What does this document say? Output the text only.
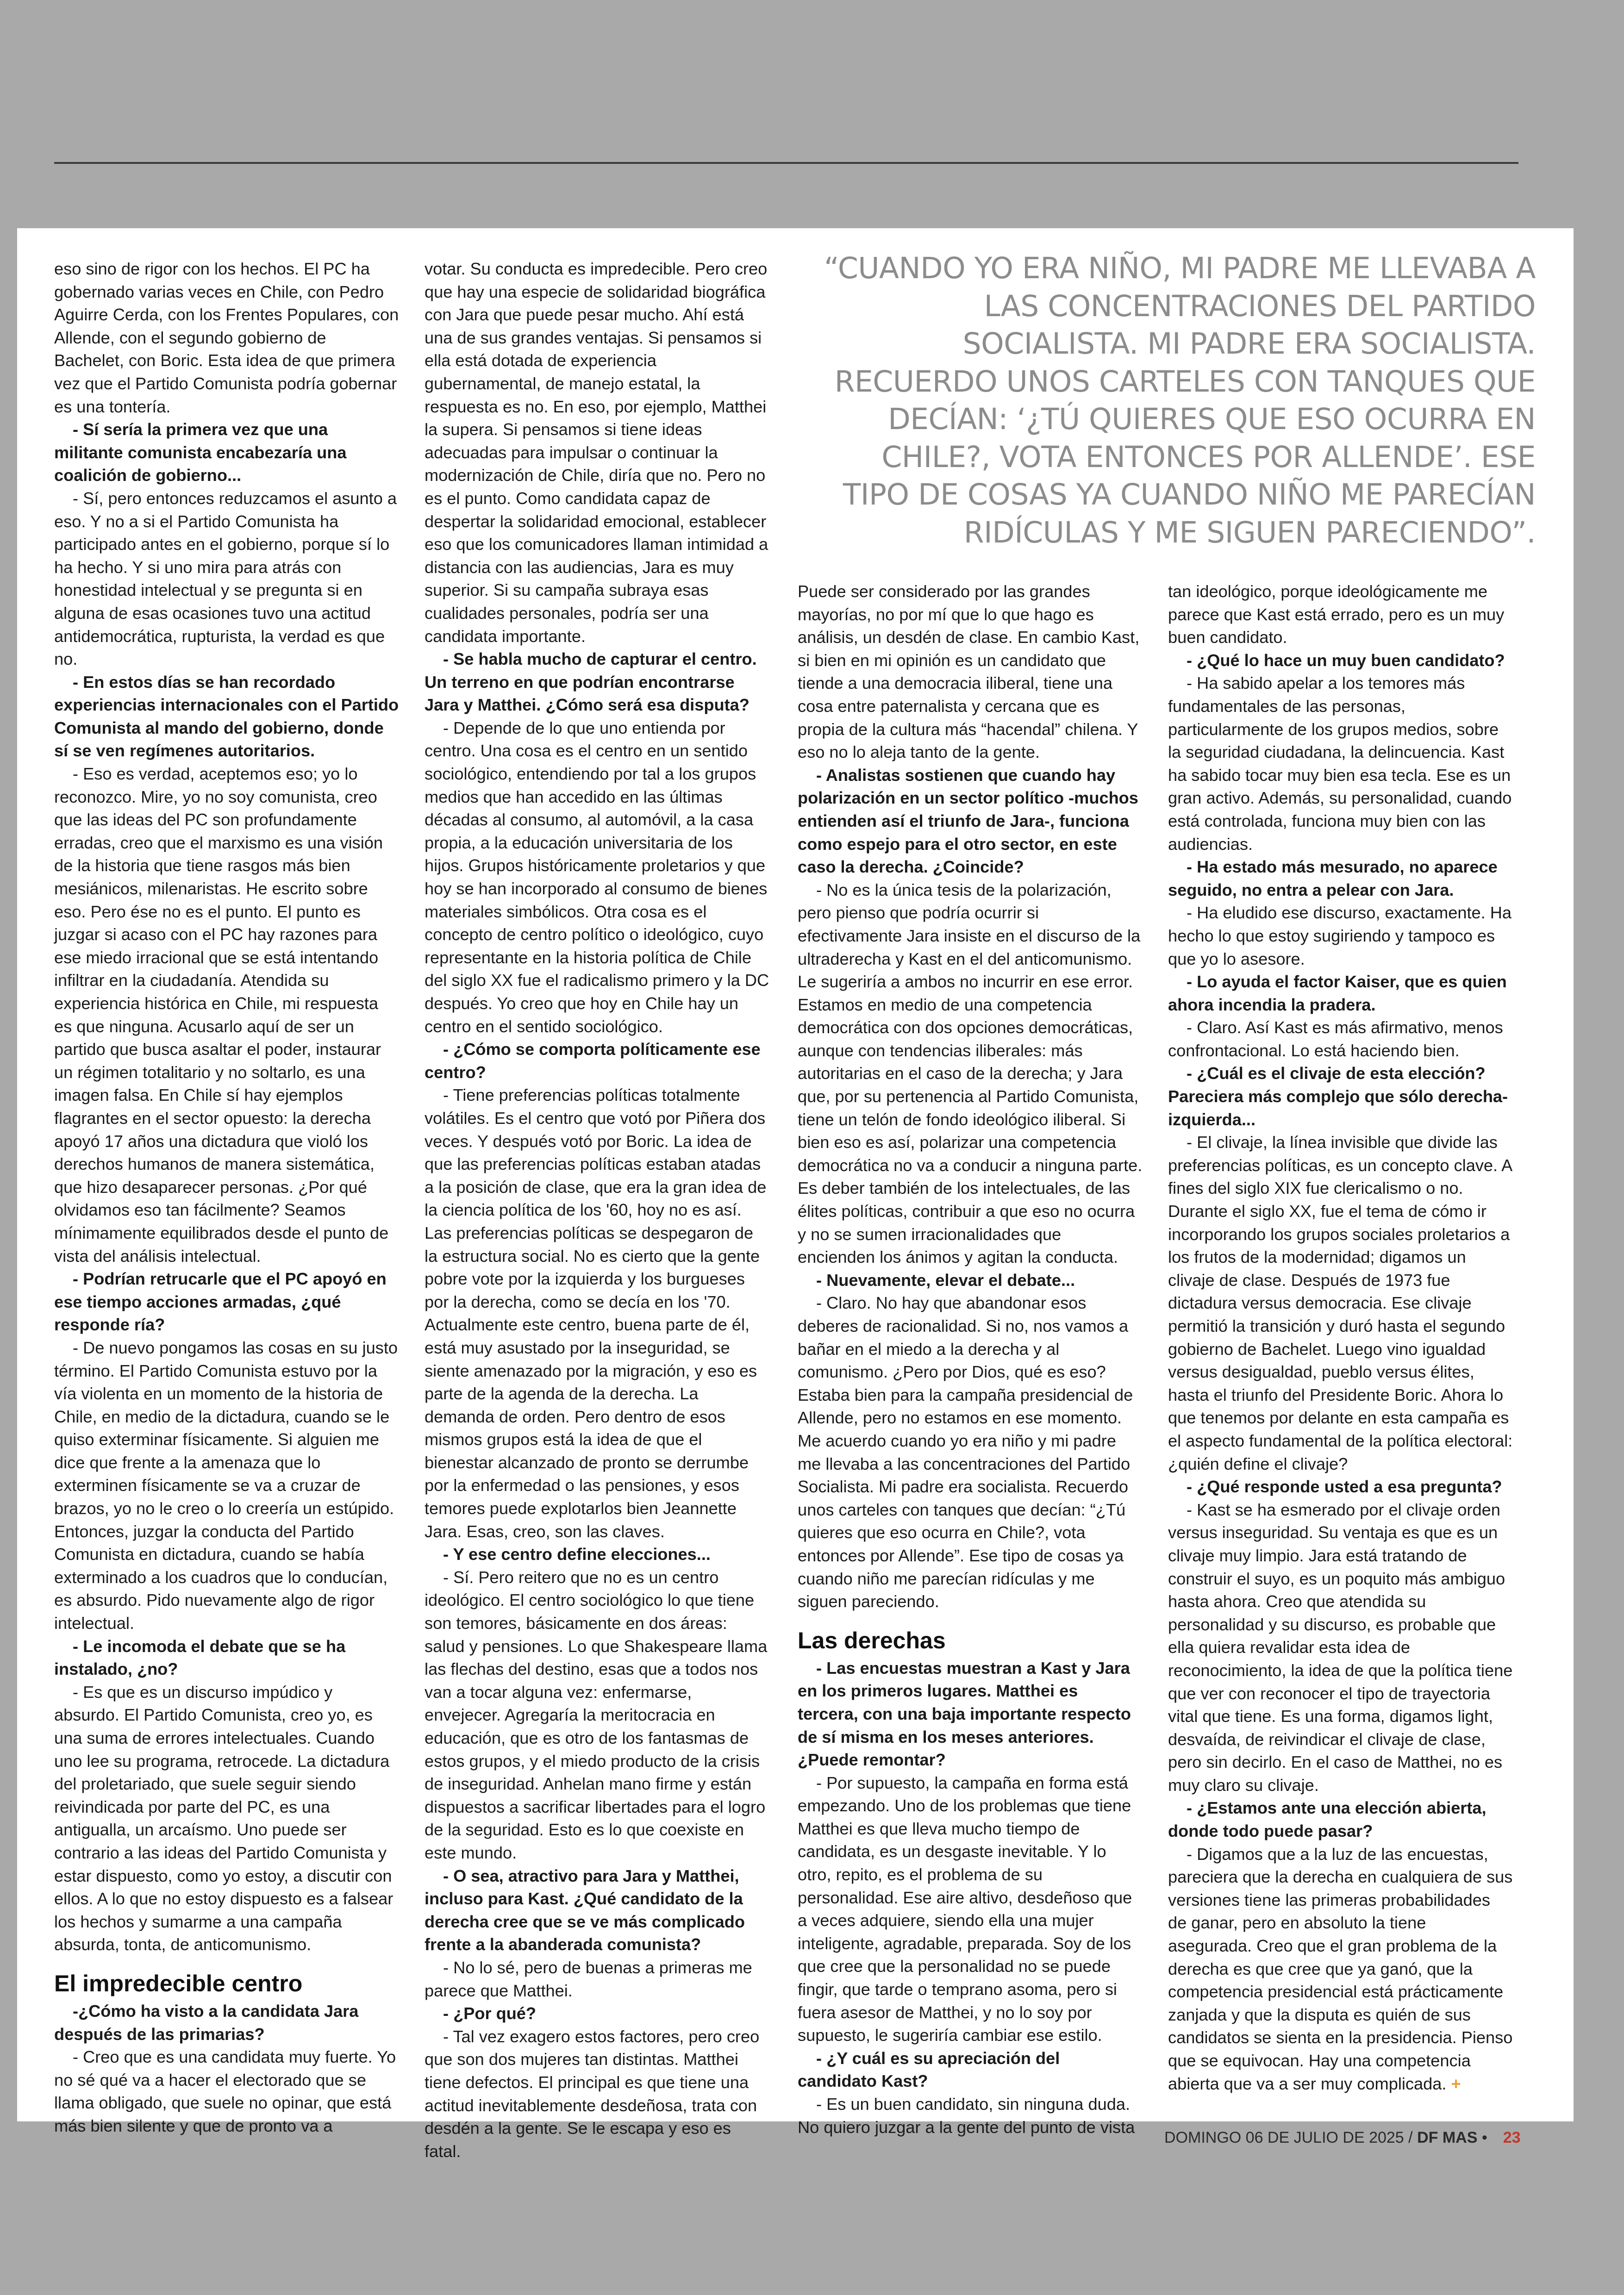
eso sino de rigor con los hechos. El PC ha gobernado varias veces en Chile, con Pedro Aguirre Cerda, con los Frentes Populares, con Allende, con el segundo gobierno de Bachelet, con Boric. Esta idea de que primera vez que el Partido Comunista podría gobernar es una tontería.

- Sí sería la primera vez que una militante comunista encabezaría una coalición de gobierno...

- Sí, pero entonces reduzcamos el asunto a eso. Y no a si el Partido Comunista ha participado antes en el gobierno, porque sí lo ha hecho. Y si uno mira para atrás con honestidad intelectual y se pregunta si en alguna de esas ocasiones tuvo una actitud antidemocrática, rupturista, la verdad es que no.

- En estos días se han recordado experiencias internacionales con el Partido Comunista al mando del gobierno, donde sí se ven regímenes autoritarios.

- Eso es verdad, aceptemos eso; yo lo reconozco. Mire, yo no soy comunista, creo que las ideas del PC son profundamente erradas, creo que el marxismo es una visión de la historia que tiene rasgos más bien mesiánicos, milenaristas. He escrito sobre eso. Pero ése no es el punto. El punto es juzgar si acaso con el PC hay razones para ese miedo irracional que se está intentando infiltrar en la ciudadanía. Atendida su experiencia histórica en Chile, mi respuesta es que ninguna. Acusarlo aquí de ser un partido que busca asaltar el poder, instaurar un régimen totalitario y no soltarlo, es una imagen falsa. En Chile sí hay ejemplos flagrantes en el sector opuesto: la derecha apoyó 17 años una dictadura que violó los derechos humanos de manera sistemática, que hizo desaparecer personas. ¿Por qué olvidamos eso tan fácilmente? Seamos mínimamente equilibrados desde el punto de vista del análisis intelectual.

- Podrían retrucarle que el PC apoyó en ese tiempo acciones armadas, ¿qué responde ría?

- De nuevo pongamos las cosas en su justo término. El Partido Comunista estuvo por la vía violenta en un momento de la historia de Chile, en medio de la dictadura, cuando se le quiso exterminar físicamente. Si alguien me dice que frente a la amenaza que lo exterminen físicamente se va a cruzar de brazos, yo no le creo o lo creería un estúpido. Entonces, juzgar la conducta del Partido Comunista en dictadura, cuando se había exterminado a los cuadros que lo conducían, es absurdo. Pido nuevamente algo de rigor intelectual.

- Le incomoda el debate que se ha instalado, ¿no?

- Es que es un discurso impúdico y absurdo. El Partido Comunista, creo yo, es una suma de errores intelectuales. Cuando uno lee su programa, retrocede. La dictadura del proletariado, que suele seguir siendo reivindicada por parte del PC, es una antigualla, un arcaísmo. Uno puede ser contrario a las ideas del Partido Comunista y estar dispuesto, como yo estoy, a discutir con ellos. A lo que no estoy dispuesto es a falsear los hechos y sumarme a una campaña absurda, tonta, de anticomunismo.

El impredecible centro

-¿Cómo ha visto a la candidata Jara después de las primarias?

- Creo que es una candidata muy fuerte. Yo no sé qué va a hacer el electorado que se llama obligado, que suele no opinar, que está más bien silente y que de pronto va a

votar. Su conducta es impredecible. Pero creo que hay una especie de solidaridad biográfica con Jara que puede pesar mucho. Ahí está una de sus grandes ventajas. Si pensamos si ella está dotada de experiencia gubernamental, de manejo estatal, la respuesta es no. En eso, por ejemplo, Matthei la supera. Si pensamos si tiene ideas adecuadas para impulsar o continuar la modernización de Chile, diría que no. Pero no es el punto. Como candidata capaz de despertar la solidaridad emocional, establecer eso que los comunicadores llaman intimidad a distancia con las audiencias, Jara es muy superior. Si su campaña subraya esas cualidades personales, podría ser una candidata importante.

- Se habla mucho de capturar el centro. Un terreno en que podrían encontrarse Jara y Matthei. ¿Cómo será esa disputa?

- Depende de lo que uno entienda por centro. Una cosa es el centro en un sentido sociológico, entendiendo por tal a los grupos medios que han accedido en las últimas décadas al consumo, al automóvil, a la casa propia, a la educación universitaria de los hijos. Grupos históricamente proletarios y que hoy se han incorporado al consumo de bienes materiales simbólicos. Otra cosa es el concepto de centro político o ideológico, cuyo representante en la historia política de Chile del siglo XX fue el radicalismo primero y la DC después. Yo creo que hoy en Chile hay un centro en el sentido sociológico.

- ¿Cómo se comporta políticamente ese centro?

- Tiene preferencias políticas totalmente volátiles. Es el centro que votó por Piñera dos veces. Y después votó por Boric. La idea de que las preferencias políticas estaban atadas a la posición de clase, que era la gran idea de la ciencia política de los '60, hoy no es así. Las preferencias políticas se despegaron de la estructura social. No es cierto que la gente pobre vote por la izquierda y los burgueses por la derecha, como se decía en los '70. Actualmente este centro, buena parte de él, está muy asustado por la inseguridad, se siente amenazado por la migración, y eso es parte de la agenda de la derecha. La demanda de orden. Pero dentro de esos mismos grupos está la idea de que el bienestar alcanzado de pronto se derrumbe por la enfermedad o las pensiones, y esos temores puede explotarlos bien Jeannette Jara. Esas, creo, son las claves.

- Y ese centro define elecciones...

- Sí. Pero reitero que no es un centro ideológico. El centro sociológico lo que tiene son temores, básicamente en dos áreas: salud y pensiones. Lo que Shakespeare llama las flechas del destino, esas que a todos nos van a tocar alguna vez: enfermarse, envejecer. Agregaría la meritocracia en educación, que es otro de los fantasmas de estos grupos, y el miedo producto de la crisis de inseguridad. Anhelan mano firme y están dispuestos a sacrificar libertades para el logro de la seguridad. Esto es lo que coexiste en este mundo.

- O sea, atractivo para Jara y Matthei, incluso para Kast. ¿Qué candidato de la derecha cree que se ve más complicado frente a la abanderada comunista?

- No lo sé, pero de buenas a primeras me parece que Matthei.

- ¿Por qué?

- Tal vez exagero estos factores, pero creo que son dos mujeres tan distintas. Matthei tiene defectos. El principal es que tiene una actitud inevitablemente desdeñosa, trata con desdén a la gente. Se le escapa y eso es fatal.

“CUANDO YO ERA NIÑO, MI PADRE ME LLEVABA A LAS CONCENTRACIONES DEL PARTIDO SOCIALISTA. MI PADRE ERA SOCIALISTA. RECUERDO UNOS CARTELES CON TANQUES QUE DECÍAN: ‘¿TÚ QUIERES QUE ESO OCURRA EN CHILE?, VOTA ENTONCES POR ALLENDE’. ESE TIPO DE COSAS YA CUANDO NIÑO ME PARECÍAN RIDÍCULAS Y ME SIGUEN PARECIENDO”.

Puede ser considerado por las grandes mayorías, no por mí que lo que hago es análisis, un desdén de clase. En cambio Kast, si bien en mi opinión es un candidato que tiende a una democracia iliberal, tiene una cosa entre paternalista y cercana que es propia de la cultura más “hacendal” chilena. Y eso no lo aleja tanto de la gente.

- Analistas sostienen que cuando hay polarización en un sector político -muchos entienden así el triunfo de Jara-, funciona como espejo para el otro sector, en este caso la derecha. ¿Coincide?

- No es la única tesis de la polarización, pero pienso que podría ocurrir si efectivamente Jara insiste en el discurso de la ultraderecha y Kast en el del anticomunismo. Le sugeriría a ambos no incurrir en ese error. Estamos en medio de una competencia democrática con dos opciones democráticas, aunque con tendencias iliberales: más autoritarias en el caso de la derecha; y Jara que, por su pertenencia al Partido Comunista, tiene un telón de fondo ideológico iliberal. Si bien eso es así, polarizar una competencia democrática no va a conducir a ninguna parte. Es deber también de los intelectuales, de las élites políticas, contribuir a que eso no ocurra y no se sumen irracionalidades que encienden los ánimos y agitan la conducta.

- Nuevamente, elevar el debate...

- Claro. No hay que abandonar esos deberes de racionalidad. Si no, nos vamos a bañar en el miedo a la derecha y al comunismo. ¿Pero por Dios, qué es eso? Estaba bien para la campaña presidencial de Allende, pero no estamos en ese momento. Me acuerdo cuando yo era niño y mi padre me llevaba a las concentraciones del Partido Socialista. Mi padre era socialista. Recuerdo unos carteles con tanques que decían: “¿Tú quieres que eso ocurra en Chile?, vota entonces por Allende”. Ese tipo de cosas ya cuando niño me parecían ridículas y me siguen pareciendo.

Las derechas

- Las encuestas muestran a Kast y Jara en los primeros lugares. Matthei es tercera, con una baja importante respecto de sí misma en los meses anteriores. ¿Puede remontar?

- Por supuesto, la campaña en forma está empezando. Uno de los problemas que tiene Matthei es que lleva mucho tiempo de candidata, es un desgaste inevitable. Y lo otro, repito, es el problema de su personalidad. Ese aire altivo, desdeñoso que a veces adquiere, siendo ella una mujer inteligente, agradable, preparada. Soy de los que cree que la personalidad no se puede fingir, que tarde o temprano asoma, pero si fuera asesor de Matthei, y no lo soy por supuesto, le sugeriría cambiar ese estilo.

- ¿Y cuál es su apreciación del candidato Kast?

- Es un buen candidato, sin ninguna duda. No quiero juzgar a la gente del punto de vista

tan ideológico, porque ideológicamente me parece que Kast está errado, pero es un muy buen candidato.

- ¿Qué lo hace un muy buen candidato?

- Ha sabido apelar a los temores más fundamentales de las personas, particularmente de los grupos medios, sobre la seguridad ciudadana, la delincuencia. Kast ha sabido tocar muy bien esa tecla. Ese es un gran activo. Además, su personalidad, cuando está controlada, funciona muy bien con las audiencias.

- Ha estado más mesurado, no aparece seguido, no entra a pelear con Jara.

- Ha eludido ese discurso, exactamente. Ha hecho lo que estoy sugiriendo y tampoco es que yo lo asesore.

- Lo ayuda el factor Kaiser, que es quien ahora incendia la pradera.

- Claro. Así Kast es más afirmativo, menos confrontacional. Lo está haciendo bien.

- ¿Cuál es el clivaje de esta elección? Pareciera más complejo que sólo derecha-izquierda...

- El clivaje, la línea invisible que divide las preferencias políticas, es un concepto clave. A fines del siglo XIX fue clericalismo o no. Durante el siglo XX, fue el tema de cómo ir incorporando los grupos sociales proletarios a los frutos de la modernidad; digamos un clivaje de clase. Después de 1973 fue dictadura versus democracia. Ese clivaje permitió la transición y duró hasta el segundo gobierno de Bachelet. Luego vino igualdad versus desigualdad, pueblo versus élites, hasta el triunfo del Presidente Boric. Ahora lo que tenemos por delante en esta campaña es el aspecto fundamental de la política electoral: ¿quién define el clivaje?

- ¿Qué responde usted a esa pregunta?

- Kast se ha esmerado por el clivaje orden versus inseguridad. Su ventaja es que es un clivaje muy limpio. Jara está tratando de construir el suyo, es un poquito más ambiguo hasta ahora. Creo que atendida su personalidad y su discurso, es probable que ella quiera revalidar esta idea de reconocimiento, la idea de que la política tiene que ver con reconocer el tipo de trayectoria vital que tiene. Es una forma, digamos light, desvaída, de reivindicar el clivaje de clase, pero sin decirlo. En el caso de Matthei, no es muy claro su clivaje.

- ¿Estamos ante una elección abierta, donde todo puede pasar?

- Digamos que a la luz de las encuestas, pareciera que la derecha en cualquiera de sus versiones tiene las primeras probabilidades de ganar, pero en absoluto la tiene asegurada. Creo que el gran problema de la derecha es que cree que ya ganó, que la competencia presidencial está prácticamente zanjada y que la disputa es quién de sus candidatos se sienta en la presidencia. Pienso que se equivocan. Hay una competencia abierta que va a ser muy complicada. +

DOMINGO 06 DE JULIO DE 2025 / DF MAS • 23
